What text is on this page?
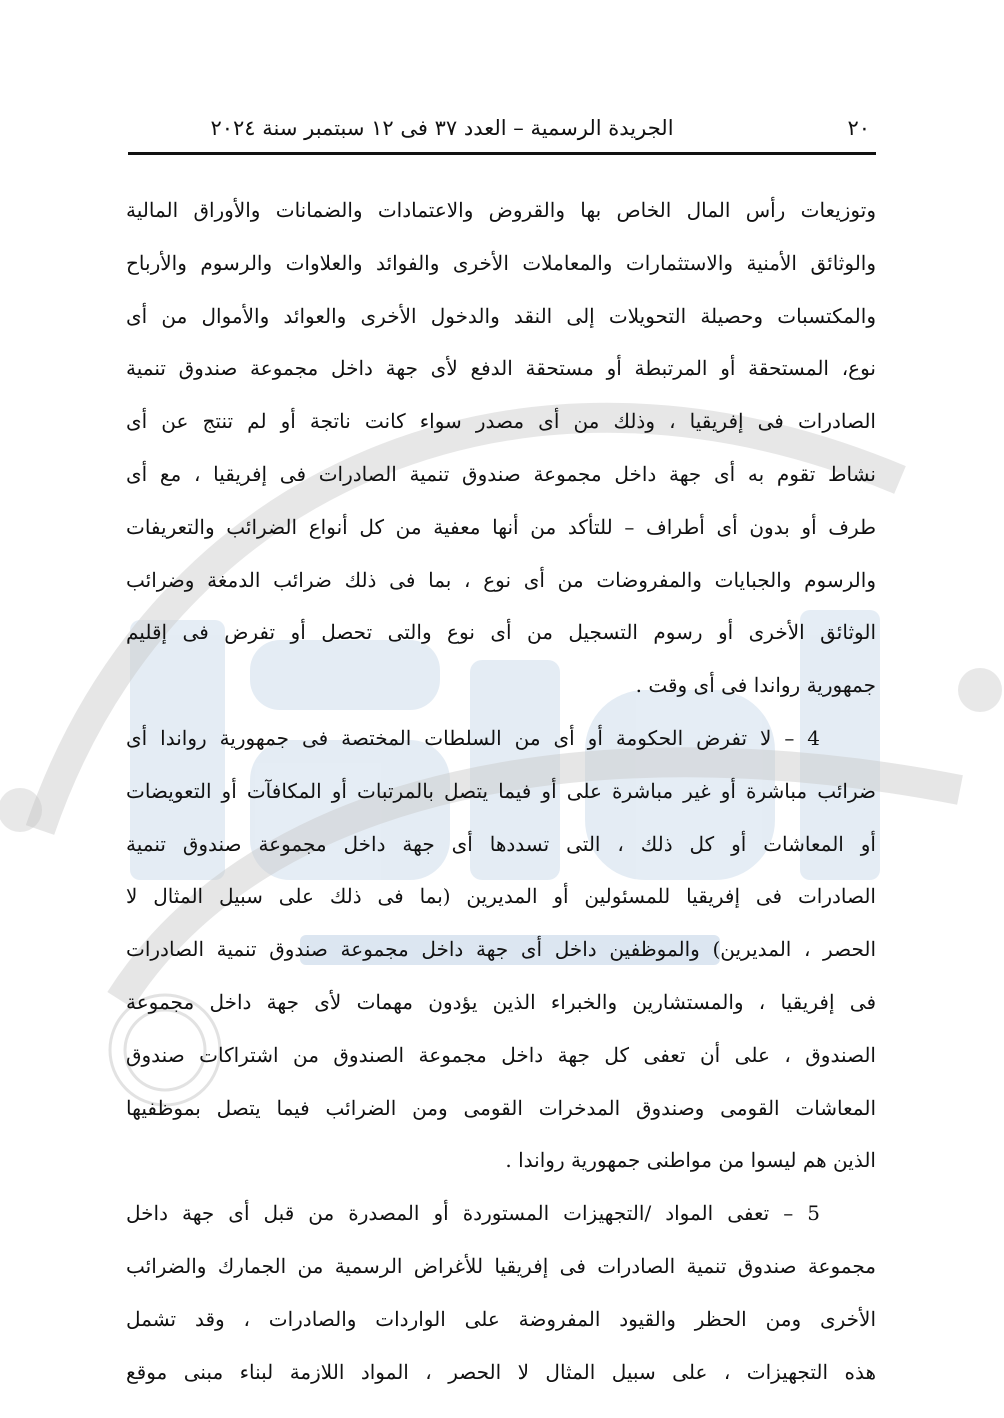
٢٠
الجريدة الرسمية – العدد ٣٧ فى ١٢ سبتمبر سنة ٢٠٢٤
وتوزيعات رأس المال الخاص بها والقروض والاعتمادات والضمانات والأوراق المالية
والوثائق الأمنية والاستثمارات والمعاملات الأخرى والفوائد والعلاوات والرسوم والأرباح
والمكتسبات وحصيلة التحويلات إلى النقد والدخول الأخرى والعوائد والأموال من أى
نوع، المستحقة أو المرتبطة أو مستحقة الدفع لأى جهة داخل مجموعة صندوق تنمية
الصادرات فى إفريقيا ، وذلك من أى مصدر سواء كانت ناتجة أو لم تنتج عن أى
نشاط تقوم به أى جهة داخل مجموعة صندوق تنمية الصادرات فى إفريقيا ، مع أى
طرف أو بدون أى أطراف – للتأكد من أنها معفية من كل أنواع الضرائب والتعريفات
والرسوم والجبايات والمفروضات من أى نوع ، بما فى ذلك ضرائب الدمغة وضرائب
الوثائق الأخرى أو رسوم التسجيل من أى نوع والتى تحصل أو تفرض فى إقليم
جمهورية رواندا فى أى وقت .
4 – لا تفرض الحكومة أو أى من السلطات المختصة فى جمهورية رواندا أى
ضرائب مباشرة أو غير مباشرة على أو فيما يتصل بالمرتبات أو المكافآت أو التعويضات
أو المعاشات أو كل ذلك ، التى تسددها أى جهة داخل مجموعة صندوق تنمية
الصادرات فى إفريقيا للمسئولين أو المديرين (بما فى ذلك على سبيل المثال لا
الحصر ، المديرين) والموظفين داخل أى جهة داخل مجموعة صندوق تنمية الصادرات
فى إفريقيا ، والمستشارين والخبراء الذين يؤدون مهمات لأى جهة داخل مجموعة
الصندوق ، على أن تعفى كل جهة داخل مجموعة الصندوق من اشتراكات صندوق
المعاشات القومى وصندوق المدخرات القومى ومن الضرائب فيما يتصل بموظفيها
الذين هم ليسوا من مواطنى جمهورية رواندا .
5 – تعفى المواد /التجهيزات المستوردة أو المصدرة من قبل أى جهة داخل
مجموعة صندوق تنمية الصادرات فى إفريقيا للأغراض الرسمية من الجمارك والضرائب
الأخرى ومن الحظر والقيود المفروضة على الواردات والصادرات ، وقد تشمل
هذه التجهيزات ، على سبيل المثال لا الحصر ، المواد اللازمة لبناء مبنى موقع
